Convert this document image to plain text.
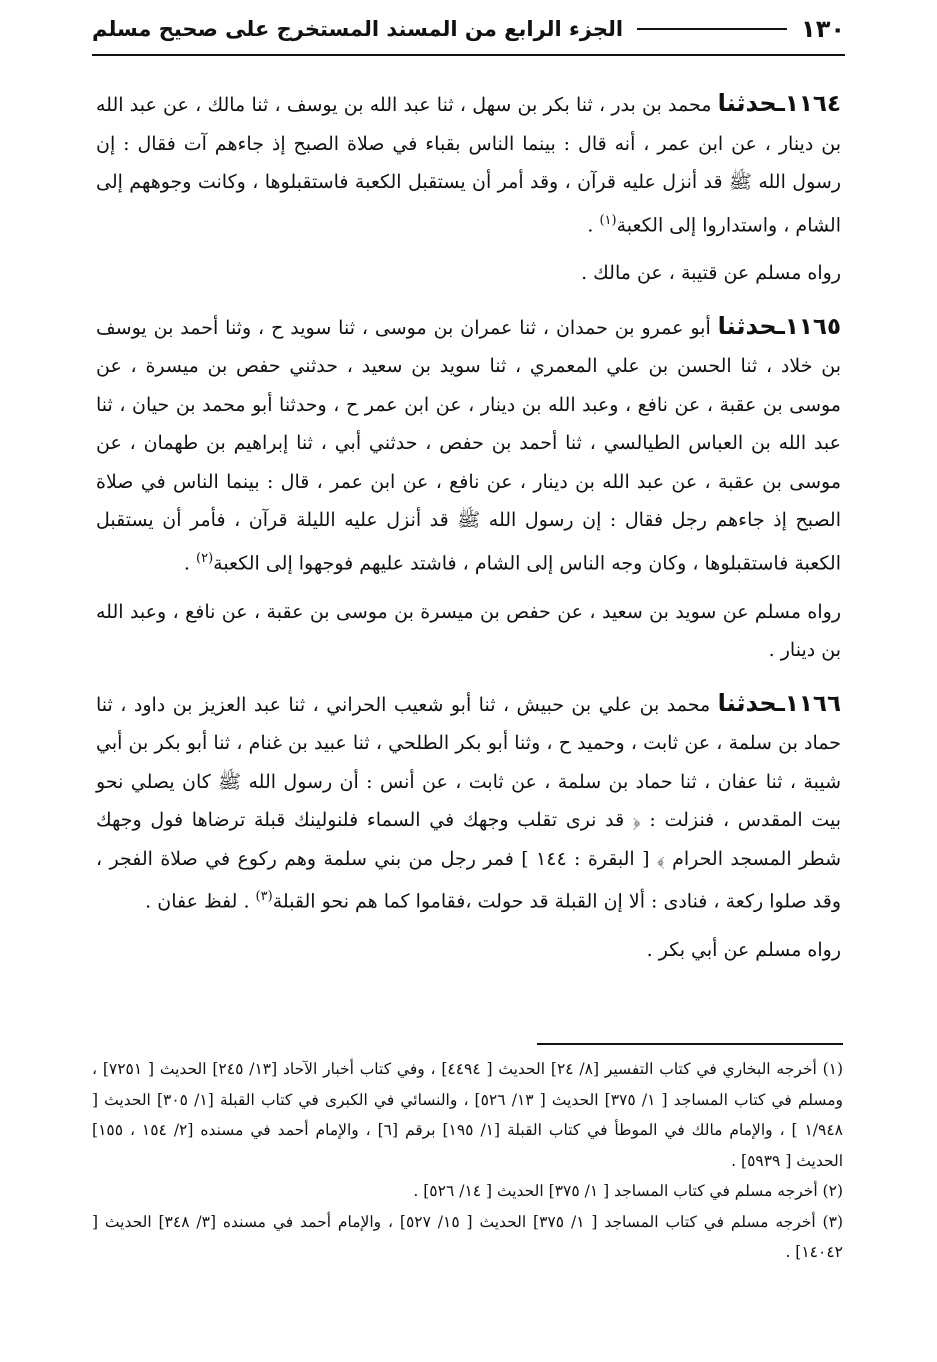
١٣٠
الجزء الرابع من المسند المستخرج على صحيح مسلم

١١٦٤ـحدثنا محمد بن بدر ، ثنا بكر بن سهل ، ثنا عبد الله بن يوسف ، ثنا مالك ، عن عبد الله بن دينار ، عن ابن عمر ، أنه قال : بينما الناس بقباء في صلاة الصبح إذ جاءهم آت فقال : إن رسول الله ﷺ قد أنزل عليه قرآن ، وقد أمر أن يستقبل الكعبة فاستقبلوها ، وكانت وجوههم إلى الشام ، واستداروا إلى الكعبة$^{(١)}$ .

رواه مسلم عن قتيبة ، عن مالك .

١١٦٥ـحدثنا أبو عمرو بن حمدان ، ثنا عمران بن موسى ، ثنا سويد ح ، وثنا أحمد بن يوسف بن خلاد ، ثنا الحسن بن علي المعمري ، ثنا سويد بن سعيد ، حدثني حفص بن ميسرة ، عن موسى بن عقبة ، عن نافع ، وعبد الله بن دينار ، عن ابن عمر ح ، وحدثنا أبو محمد بن حيان ، ثنا عبد الله بن العباس الطيالسي ، ثنا أحمد بن حفص ، حدثني أبي ، ثنا إبراهيم بن طهمان ، عن موسى بن عقبة ، عن عبد الله بن دينار ، عن نافع ، عن ابن عمر ، قال : بينما الناس في صلاة الصبح إذ جاءهم رجل فقال : إن رسول الله ﷺ قد أنزل عليه الليلة قرآن ، فأمر أن يستقبل الكعبة فاستقبلوها ، وكان وجه الناس إلى الشام ، فاشتد عليهم فوجهوا إلى الكعبة$^{(٢)}$ .

رواه مسلم عن سويد بن سعيد ، عن حفص بن ميسرة بن موسى بن عقبة ، عن نافع ، وعبد الله بن دينار .

١١٦٦ـحدثنا محمد بن علي بن حبيش ، ثنا أبو شعيب الحراني ، ثنا عبد العزيز بن داود ، ثنا حماد بن سلمة ، عن ثابت ، وحميد ح ، وثنا أبو بكر الطلحي ، ثنا عبيد بن غنام ، ثنا أبو بكر بن أبي شيبة ، ثنا عفان ، ثنا حماد بن سلمة ، عن ثابت ، عن أنس : أن رسول الله ﷺ كان يصلي نحو بيت المقدس ، فنزلت : ﴿ قد نرى تقلب وجهك في السماء فلنولينك قبلة ترضاها فول وجهك شطر المسجد الحرام ﴾ [ البقرة : ١٤٤ ] فمر رجل من بني سلمة وهم ركوع في صلاة الفجر ، وقد صلوا ركعة ، فنادى : ألا إن القبلة قد حولت ،فقاموا كما هم نحو القبلة$^{(٣)}$ . لفظ عفان .

رواه مسلم عن أبي بكر .

(١) أخرجه البخاري في كتاب التفسير [٨/ ٢٤] الحديث [ ٤٤٩٤] ، وفي كتاب أخبار الآحاد [١٣/ ٢٤٥] الحديث [ ٧٢٥١] ، ومسلم في كتاب المساجد [ ١/ ٣٧٥] الحديث [ ١٣/ ٥٢٦] ، والنسائي في الكبرى في كتاب القبلة [١/ ٣٠٥] الحديث [ ١/٩٤٨ ] ، والإمام مالك في الموطأ في كتاب القبلة [١/ ١٩٥] برقم [٦] ، والإمام أحمد في مسنده [٢/ ١٥٤ ، ١٥٥] الحديث [ ٥٩٣٩] .

(٢) أخرجه مسلم في كتاب المساجد [ ١/ ٣٧٥] الحديث [ ١٤/ ٥٢٦] .

(٣) أخرجه مسلم في كتاب المساجد [ ١/ ٣٧٥] الحديث [ ١٥/ ٥٢٧] ، والإمام أحمد في مسنده [٣/ ٣٤٨] الحديث [ ١٤٠٤٢] .
